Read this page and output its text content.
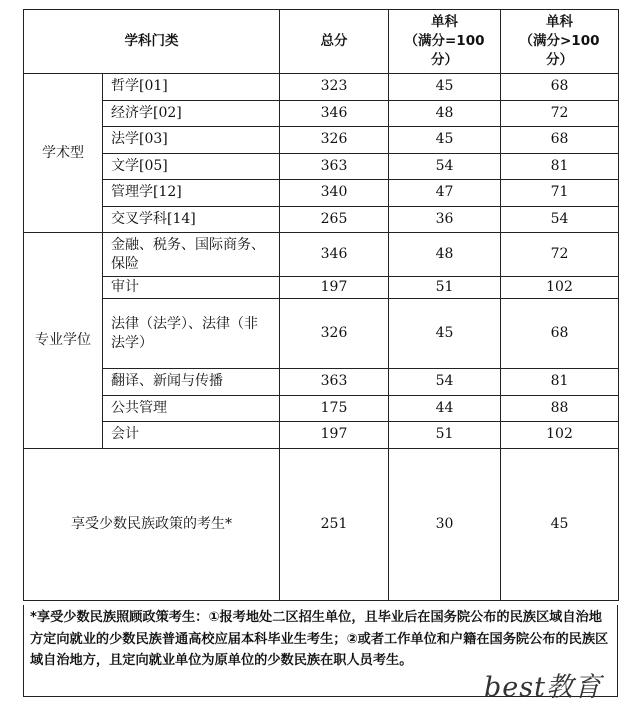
学科门类		总分	单科
（满分=100
分）	单科
（满分>100
分）
学术型	哲学[01]	323	45	68
	经济学[02]	346	48	72
	法学[03]	326	45	68
	文学[05]	363	54	81
	管理学[12]	340	47	71
	交叉学科[14]	265	36	54
专业学位	金融、税务、国际商务、保险	346	48	72
	审计	197	51	102
	法律（法学）、法律（非法学）	326	45	68
	翻译、新闻与传播	363	54	81
	公共管理	175	44	88
	会计	197	51	102
享受少数民族政策的考生*		251	30	45
*享受少数民族照顾政策考生：①报考地处二区招生单位，且毕业后在国务院公布的民族区域自治地方定向就业的少数民族普通高校应届本科毕业生考生；②或者工作单位和户籍在国务院公布的民族区域自治地方，且定向就业单位为原单位的少数民族在职人员考生。
best教育
